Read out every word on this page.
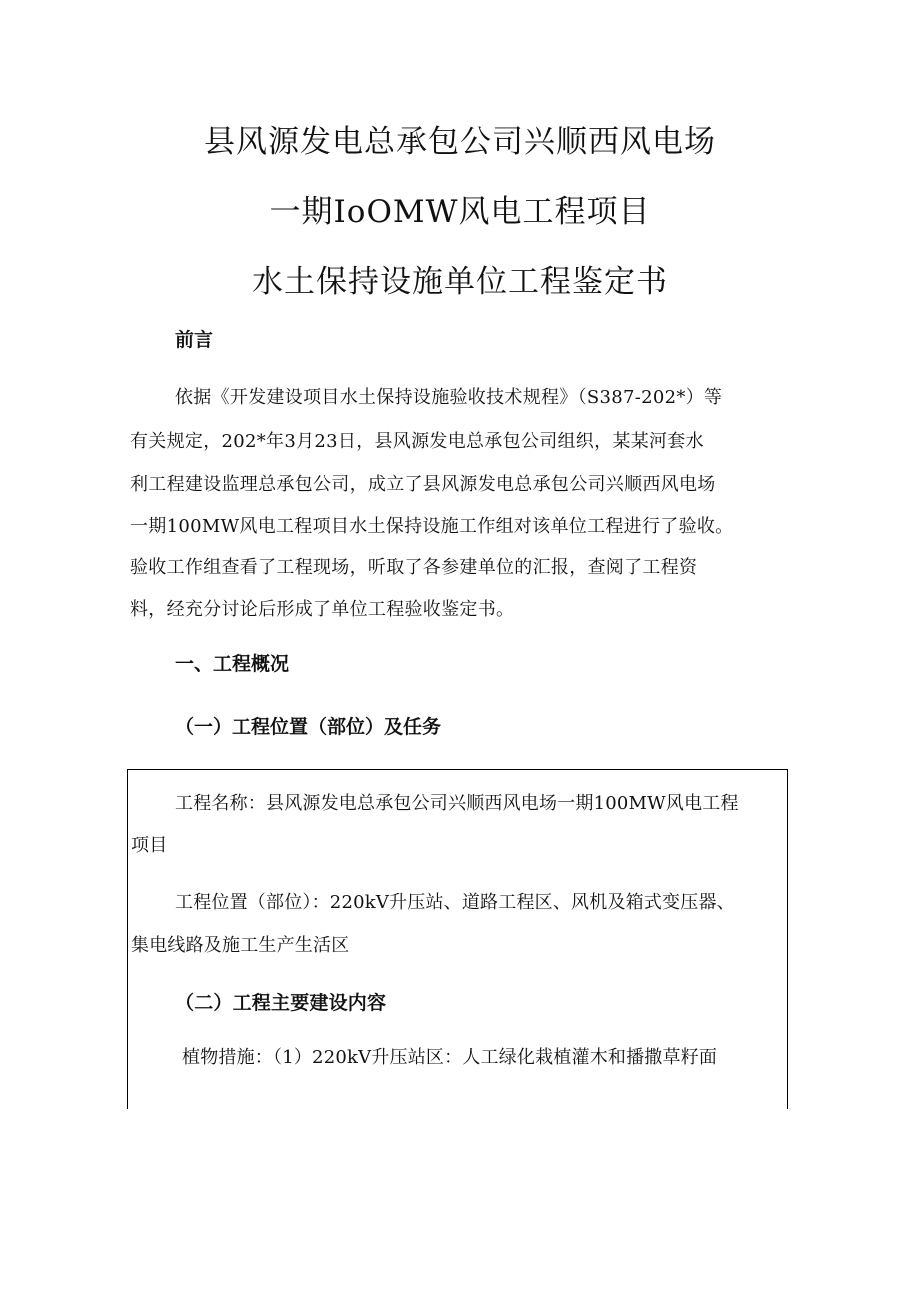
县风源发电总承包公司兴顺西风电场
一期IoOMW风电工程项目
水土保持设施单位工程鉴定书
前言
依据《开发建设项目水土保持设施验收技术规程》（S387-202*）等
有关规定，202*年3月23日，县风源发电总承包公司组织，某某河套水
利工程建设监理总承包公司，成立了县风源发电总承包公司兴顺西风电场
一期100MW风电工程项目水土保持设施工作组对该单位工程进行了验收。
验收工作组查看了工程现场，听取了各参建单位的汇报，查阅了工程资
料，经充分讨论后形成了单位工程验收鉴定书。
一、工程概况
（一）工程位置（部位）及任务
工程名称：县风源发电总承包公司兴顺西风电场一期100MW风电工程
项目
工程位置（部位）：220kV升压站、道路工程区、风机及箱式变压器、
集电线路及施工生产生活区
（二）工程主要建设内容
植物措施：（1）220kV升压站区：人工绿化栽植灌木和播撒草籽面
